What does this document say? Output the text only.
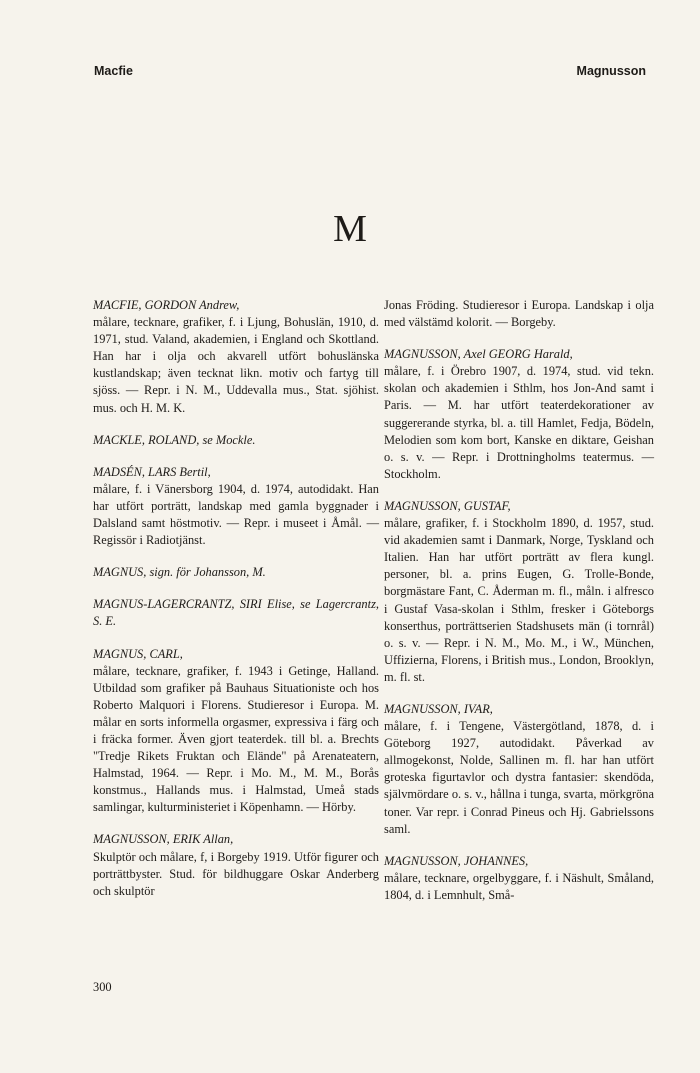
Macfie	Magnusson
M

MACFIE, GORDON Andrew,
målare, tecknare, grafiker, f. i Ljung, Bohuslän, 1910, d. 1971, stud. Valand, akademien, i England och Skottland. Han har i olja och akvarell utfört bohuslänska kustlandskap; även tecknat likn. motiv och fartyg till sjöss. — Repr. i N. M., Uddevalla mus., Stat. sjöhist. mus. och H. M. K.

MACKLE, ROLAND, se Mockle.

MADSÉN, LARS Bertil,
målare, f. i Vänersborg 1904, d. 1974, autodidakt. Han har utfört porträtt, landskap med gamla byggnader i Dalsland samt höstmotiv. — Repr. i museet i Åmål. — Regissör i Radiotjänst.

MAGNUS, sign. för Johansson, M.

MAGNUS-LAGERCRANTZ, SIRI Elise, se Lagercrantz, S. E.

MAGNUS, CARL,
målare, tecknare, grafiker, f. 1943 i Getinge, Halland. Utbildad som grafiker på Bauhaus Situationiste och hos Roberto Malquori i Florens. Studieresor i Europa. M. målar en sorts informella orgasmer, expressiva i färg och i fräcka former. Även gjort teaterdek. till bl. a. Brechts "Tredje Rikets Fruktan och Elände" på Arenateatern, Halmstad, 1964. — Repr. i Mo. M., M. M., Borås konstmus., Hallands mus. i Halmstad, Umeå stads samlingar, kulturministeriet i Köpenhamn. — Hörby.

MAGNUSSON, ERIK Allan,
Skulptör och målare, f, i Borgeby 1919. Utför figurer och porträttbyster. Stud. för bildhuggare Oskar Anderberg och skulptör

Jonas Fröding. Studieresor i Europa. Landskap i olja med välstämd kolorit. — Borgeby.

MAGNUSSON, Axel GEORG Harald,
målare, f. i Örebro 1907, d. 1974, stud. vid tekn. skolan och akademien i Sthlm, hos Jon-And samt i Paris. — M. har utfört teaterdekorationer av suggererande styrka, bl. a. till Hamlet, Fedja, Bödeln, Melodien som kom bort, Kanske en diktare, Geishan o. s. v. — Repr. i Drottningholms teatermus. — Stockholm.

MAGNUSSON, GUSTAF,
målare, grafiker, f. i Stockholm 1890, d. 1957, stud. vid akademien samt i Danmark, Norge, Tyskland och Italien. Han har utfört porträtt av flera kungl. personer, bl. a. prins Eugen, G. Trolle-Bonde, borgmästare Fant, C. Åderman m. fl., måln. i alfresco i Gustaf Vasa-skolan i Sthlm, fresker i Göteborgs konserthus, porträttserien Stadshusets män (i tornrål) o. s. v. — Repr. i N. M., Mo. M., i W., München, Uffizierna, Florens, i British mus., London, Brooklyn, m. fl. st.

MAGNUSSON, IVAR,
målare, f. i Tengene, Västergötland, 1878, d. i Göteborg 1927, autodidakt. Påverkad av allmogekonst, Nolde, Sallinen m. fl. har han utfört groteska figurtavlor och dystra fantasier: skendöda, självmördare o. s. v., hållna i tunga, svarta, mörkgröna toner. Var repr. i Conrad Pineus och Hj. Gabrielssons saml.

MAGNUSSON, JOHANNES,
målare, tecknare, orgelbyggare, f. i Näshult, Småland, 1804, d. i Lemnhult, Små-

300
